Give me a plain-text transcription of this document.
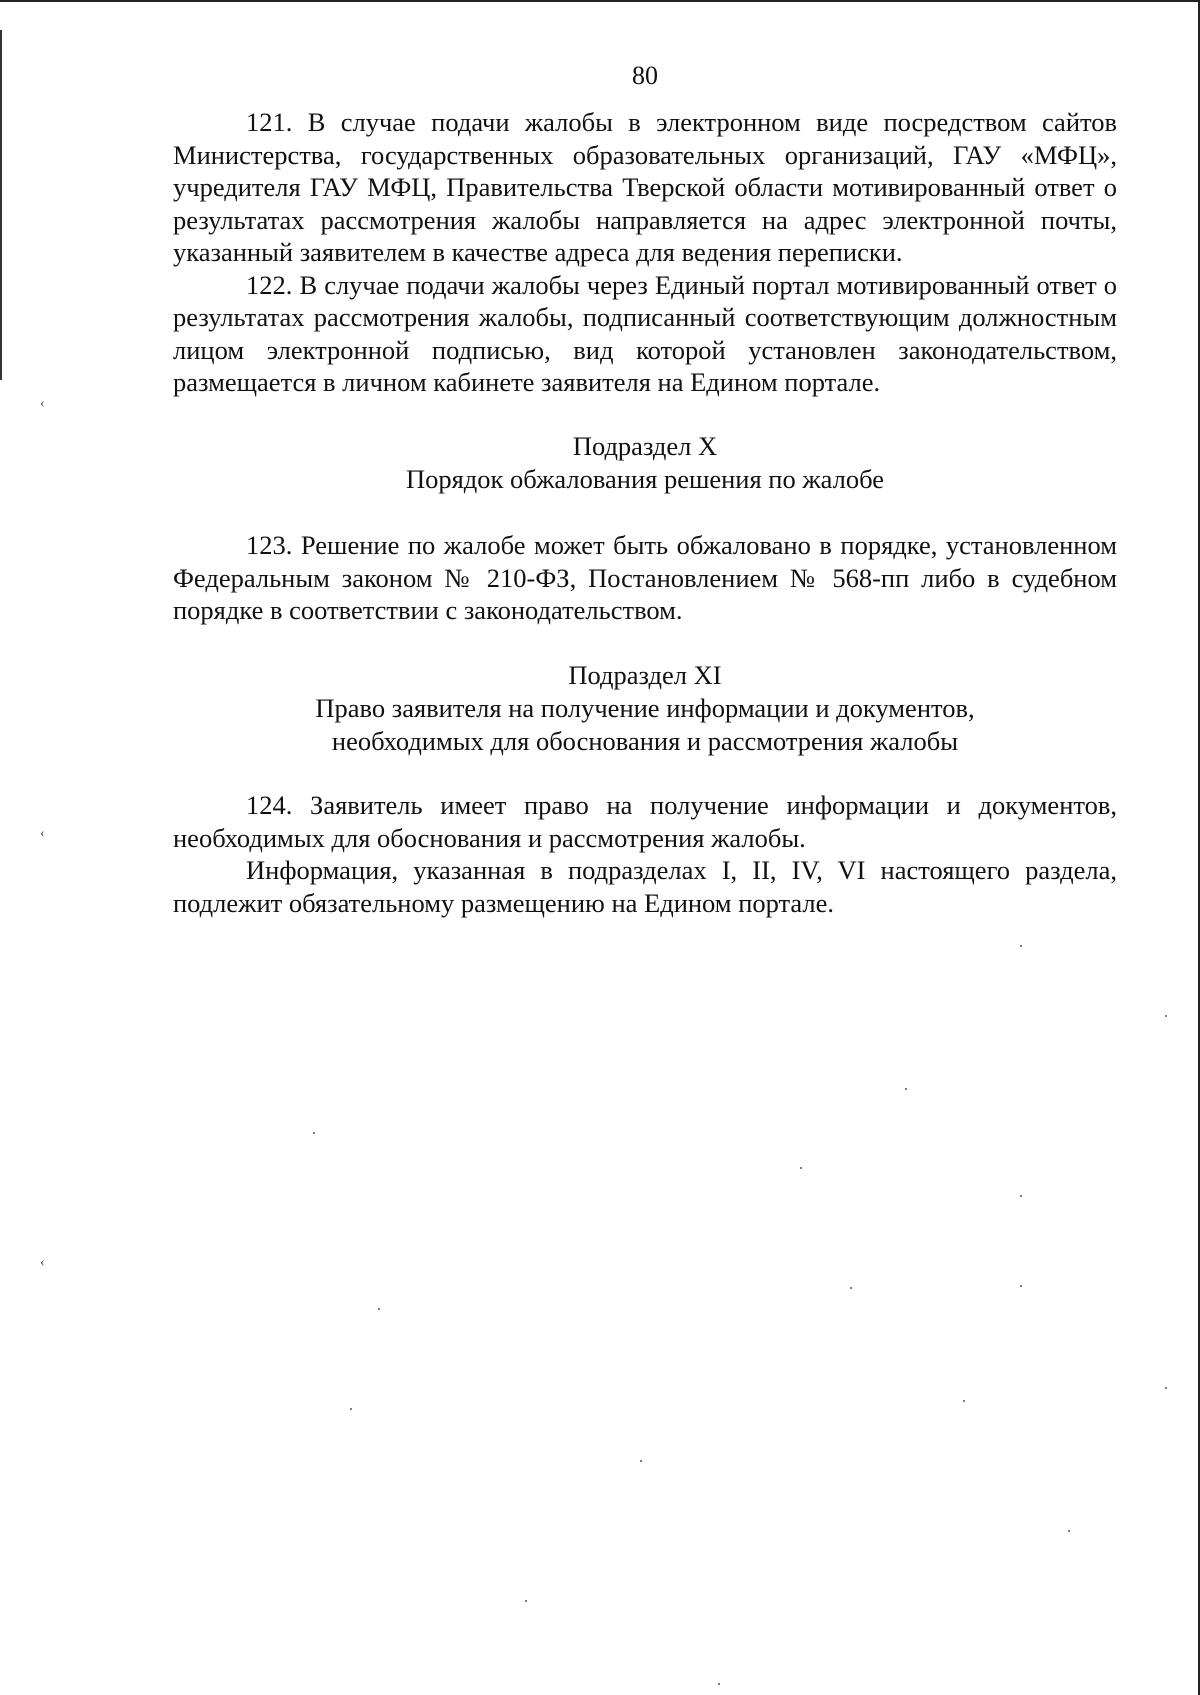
80

121. В случае подачи жалобы в электронном виде посредством сайтов Министерства, государственных образовательных организаций, ГАУ «МФЦ», учредителя ГАУ МФЦ, Правительства Тверской области мотивированный ответ о результатах рассмотрения жалобы направляется на адрес электронной почты, указанный заявителем в качестве адреса для ведения переписки.

122. В случае подачи жалобы через Единый портал мотивированный ответ о результатах рассмотрения жалобы, подписанный соответствующим должностным лицом электронной подписью, вид которой установлен законодательством, размещается в личном кабинете заявителя на Едином портале.

Подраздел X

Порядок обжалования решения по жалобе

123. Решение по жалобе может быть обжаловано в порядке, установленном Федеральным законом № 210-ФЗ, Постановлением № 568-пп либо в судебном порядке в соответствии с законодательством.

Подраздел XI

Право заявителя на получение информации и документов,

необходимых для обоснования и рассмотрения жалобы

124. Заявитель имеет право на получение информации и документов, необходимых для обоснования и рассмотрения жалобы.

Информация, указанная в подразделах I, II, IV, VI настоящего раздела, подлежит обязательному размещению на Едином портале.

‹
‹
‹
